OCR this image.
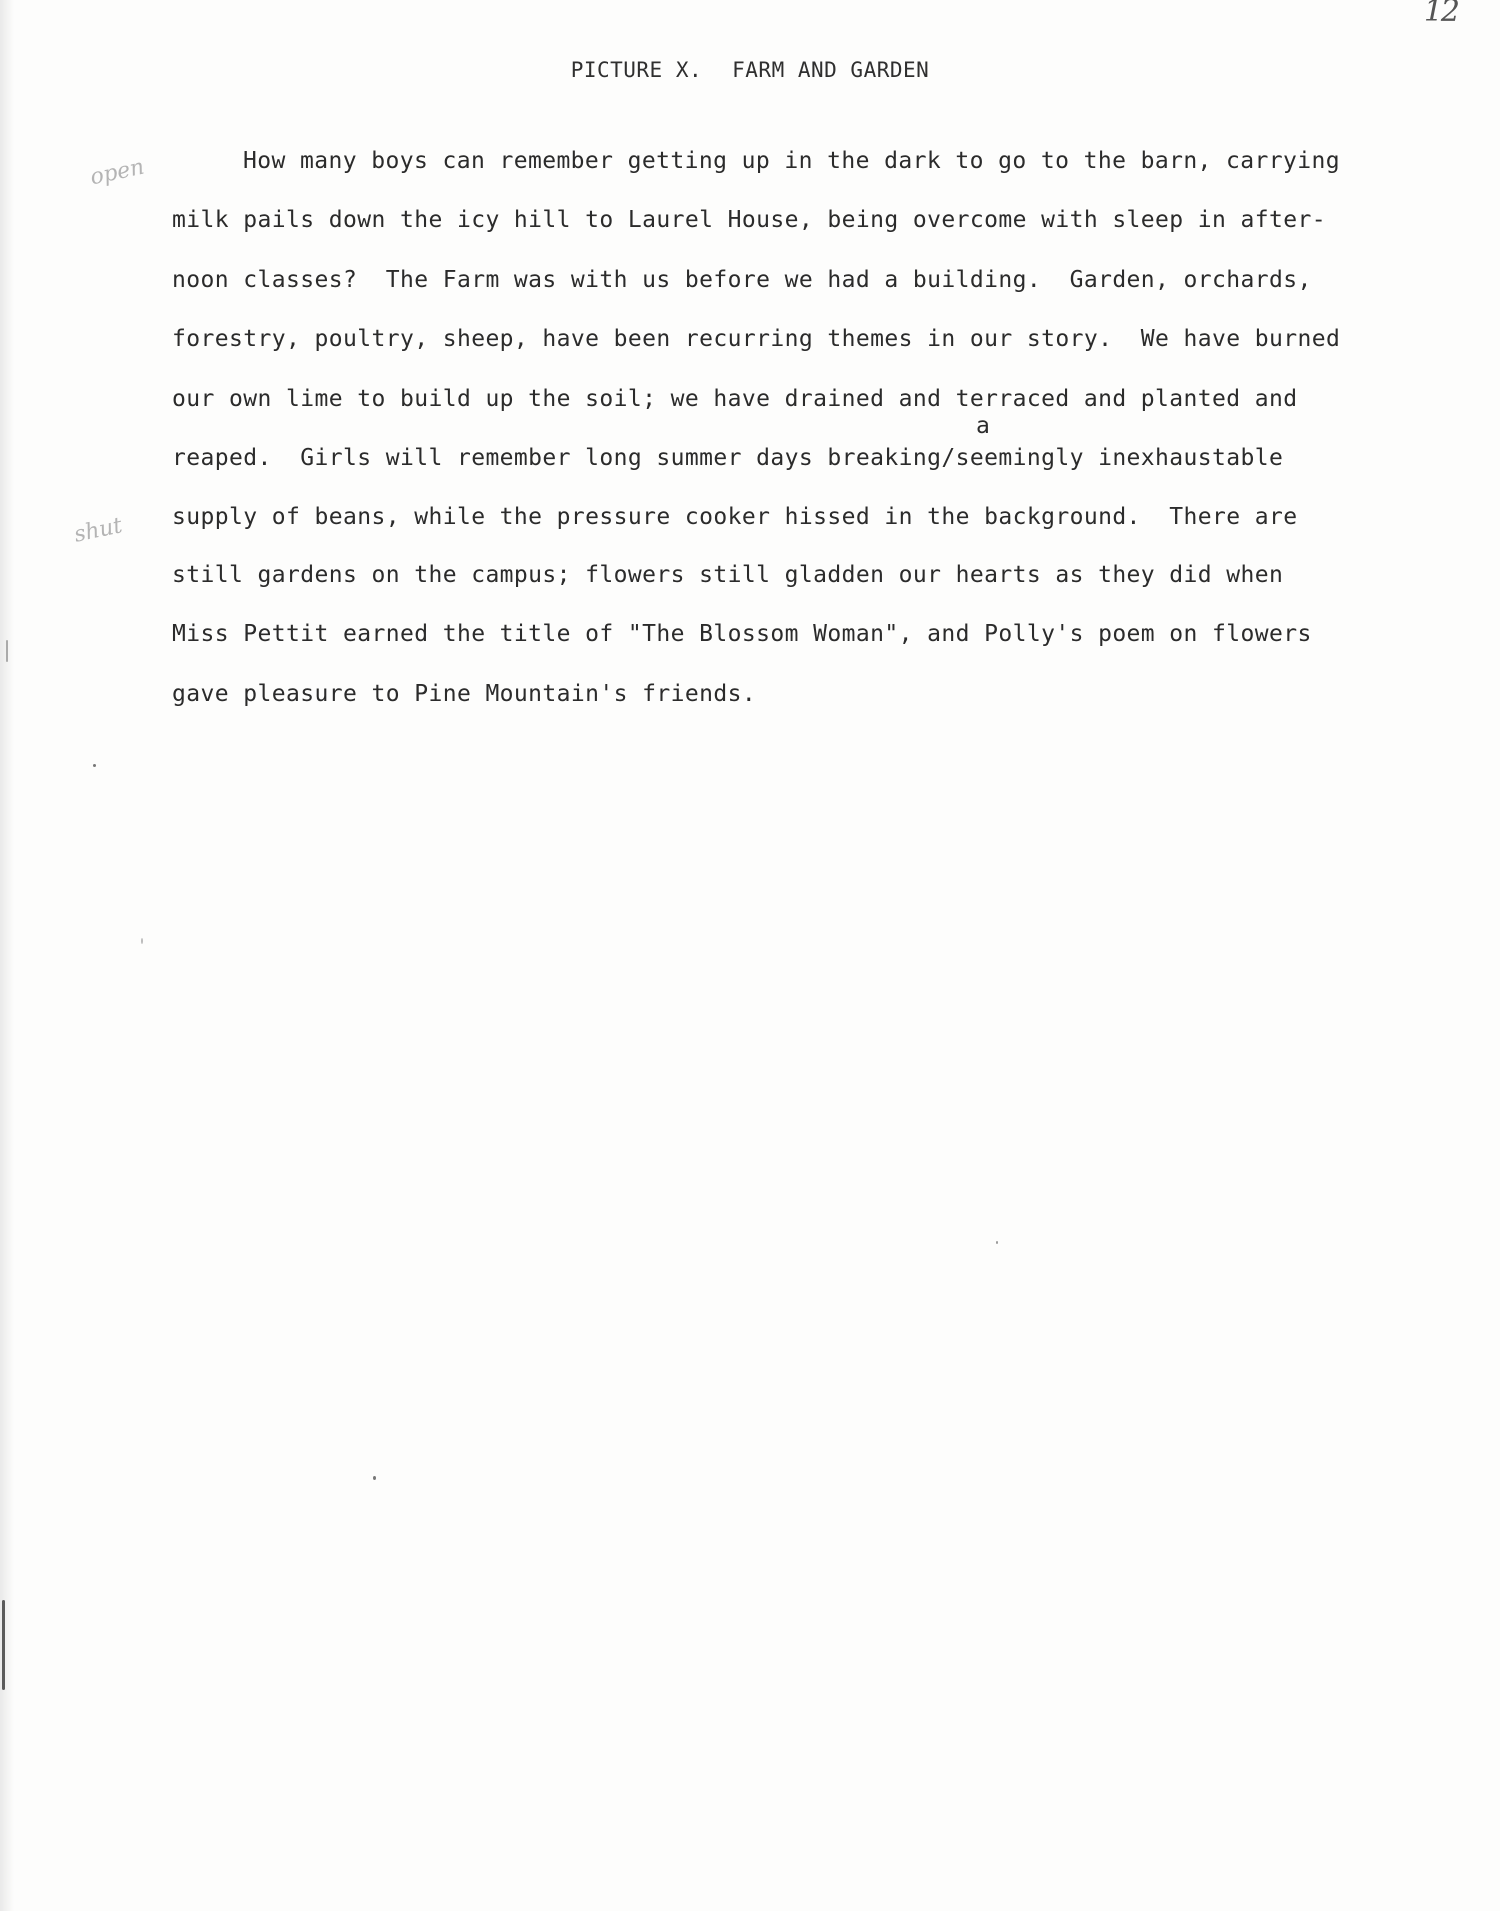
12
PICTURE X. FARM AND GARDEN
open
shut
How many boys can remember getting up in the dark to go to the barn, carrying
milk pails down the icy hill to Laurel House, being overcome with sleep in after-
noon classes?  The Farm was with us before we had a building.  Garden, orchards,
forestry, poultry, sheep, have been recurring themes in our story.  We have burned
our own lime to build up the soil; we have drained and terraced and planted and
a
reaped.  Girls will remember long summer days breaking/seemingly inexhaustable
supply of beans, while the pressure cooker hissed in the background.  There are
still gardens on the campus; flowers still gladden our hearts as they did when
Miss Pettit earned the title of "The Blossom Woman", and Polly's poem on flowers
gave pleasure to Pine Mountain's friends.
